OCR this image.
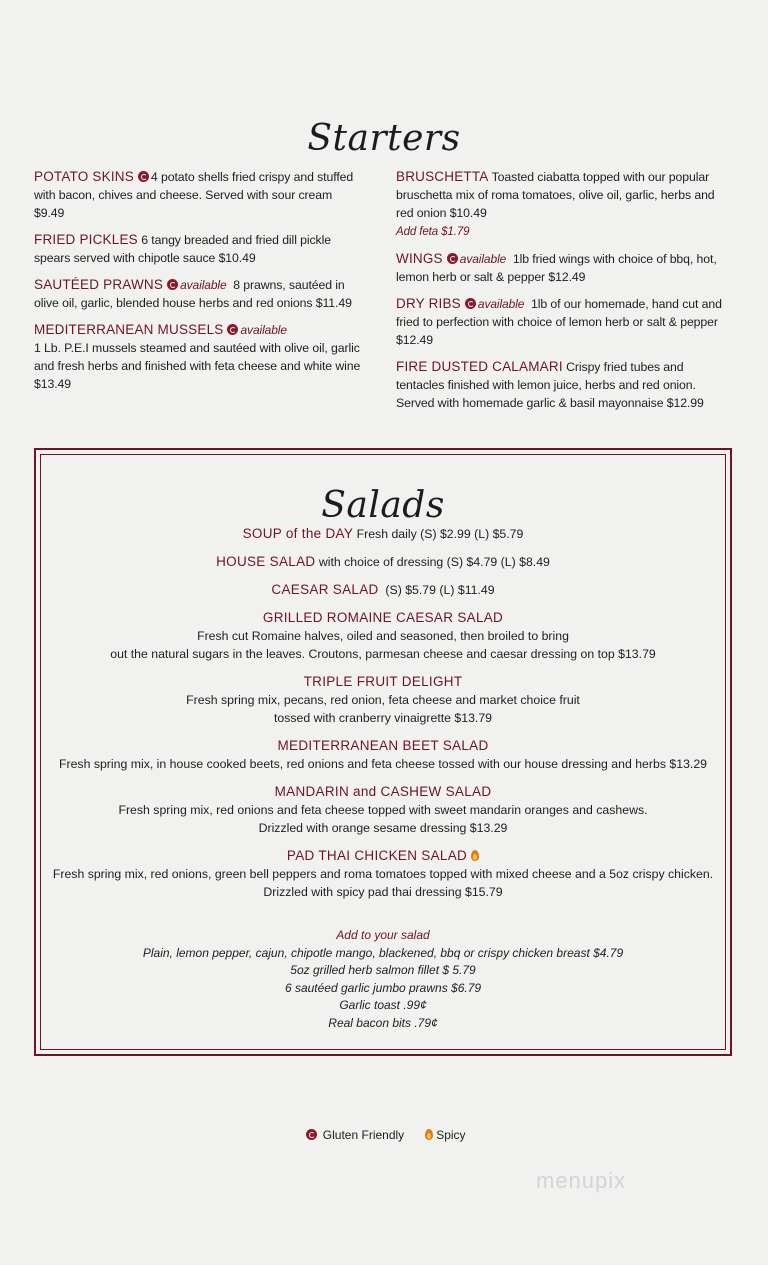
Starters
POTATO SKINS 4 potato shells fried crispy and stuffed with bacon, chives and cheese. Served with sour cream $9.49
FRIED PICKLES 6 tangy breaded and fried dill pickle spears served with chipotle sauce $10.49
SAUTÉED PRAWNS available 8 prawns, sautéed in olive oil, garlic, blended house herbs and red onions $11.49
MEDITERRANEAN MUSSELS available
1 Lb. P.E.I mussels steamed and sautéed with olive oil, garlic and fresh herbs and finished with feta cheese and white wine $13.49
BRUSCHETTA Toasted ciabatta topped with our popular bruschetta mix of roma tomatoes, olive oil, garlic, herbs and red onion $10.49
Add feta $1.79
WINGS available 1lb fried wings with choice of bbq, hot, lemon herb or salt & pepper $12.49
DRY RIBS available 1lb of our homemade, hand cut and fried to perfection with choice of lemon herb or salt & pepper $12.49
FIRE DUSTED CALAMARI Crispy fried tubes and tentacles finished with lemon juice, herbs and red onion. Served with homemade garlic & basil mayonnaise $12.99
Salads
SOUP of the DAY Fresh daily (S) $2.99 (L) $5.79
HOUSE SALAD with choice of dressing (S) $4.79 (L) $8.49
CAESAR SALAD (S) $5.79 (L) $11.49
GRILLED ROMAINE CAESAR SALAD
Fresh cut Romaine halves, oiled and seasoned, then broiled to bring
out the natural sugars in the leaves. Croutons, parmesan cheese and caesar dressing on top $13.79
TRIPLE FRUIT DELIGHT
Fresh spring mix, pecans, red onion, feta cheese and market choice fruit
tossed with cranberry vinaigrette $13.79
MEDITERRANEAN BEET SALAD
Fresh spring mix, in house cooked beets, red onions and feta cheese tossed with our house dressing and herbs $13.29
MANDARIN and CASHEW SALAD
Fresh spring mix, red onions and feta cheese topped with sweet mandarin oranges and cashews.
Drizzled with orange sesame dressing $13.29
PAD THAI CHICKEN SALAD
Fresh spring mix, red onions, green bell peppers and roma tomatoes topped with mixed cheese and a 5oz crispy chicken.
Drizzled with spicy pad thai dressing $15.79
Add to your salad
Plain, lemon pepper, cajun, chipotle mango, blackened, bbq or crispy chicken breast $4.79
5oz grilled herb salmon fillet $ 5.79
6 sautéed garlic jumbo prawns $6.79
Garlic toast .99¢
Real bacon bits .79¢
Gluten Friendly	Spicy
menupix
